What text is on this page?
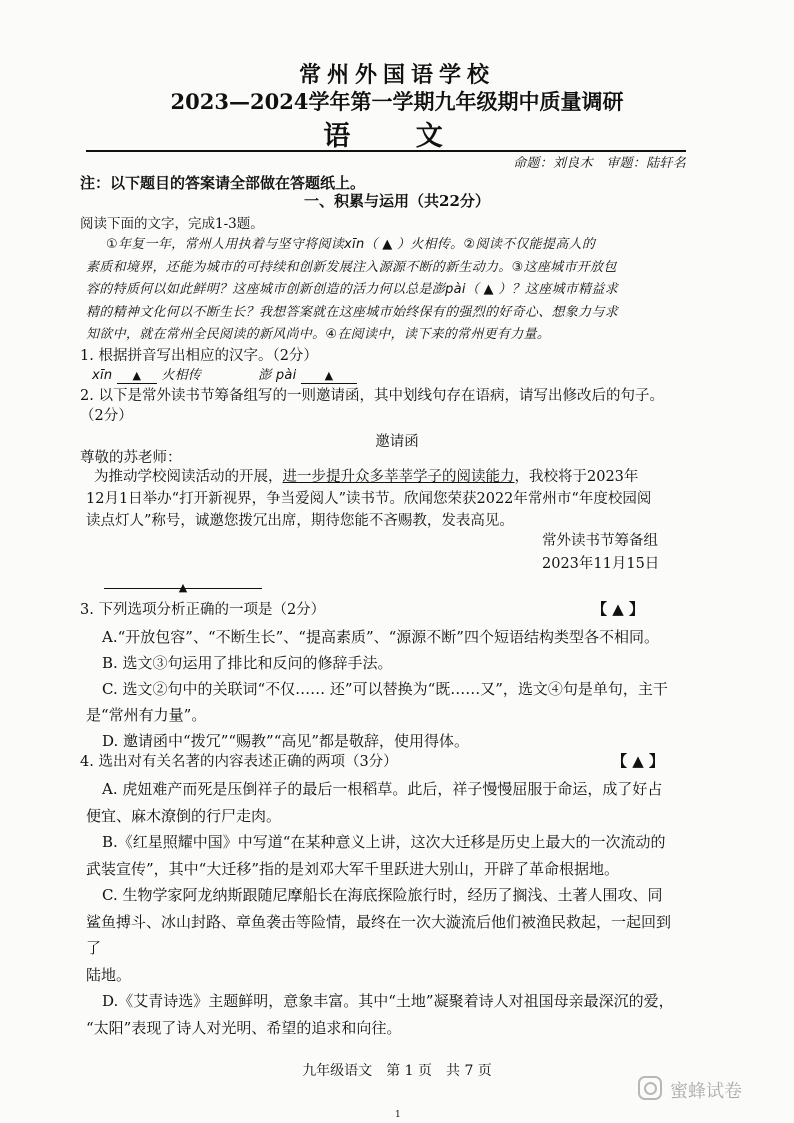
常州外国语学校
2023—2024学年第一学期九年级期中质量调研
语 文
命题：刘良木 审题：陆轩名
注：以下题目的答案请全部做在答题纸上。
一、积累与运用（共22分）
阅读下面的文字，完成1-3题。
①年复一年，常州人用执着与坚守将阅读xīn（ ▲ ）火相传。②阅读不仅能提高人的
素质和境界，还能为城市的可持续和创新发展注入源源不断的新生动力。③这座城市开放包
容的特质何以如此鲜明？这座城市创新创造的活力何以总是澎pài（ ▲ ）？这座城市精益求
精的精神文化何以不断生长？我想答案就在这座城市始终保有的强烈的好奇心、想象力与求
知欲中，就在常州全民阅读的新风尚中。④在阅读中，读下来的常州更有力量。
1. 根据拼音写出相应的汉字。（2分）
xīn ▲ 火相传	澎 pài	▲
2. 以下是常外读书节筹备组写的一则邀请函，其中划线句存在语病，请写出修改后的句子。
（2分）
邀请函
尊敬的苏老师：
为推动学校阅读活动的开展，进一步提升众多莘莘学子的阅读能力，我校将于2023年
12月1日举办“打开新视界，争当爱阅人”读书节。欣闻您荣获2022年常州市“年度校园阅
读点灯人”称号，诚邀您拨冗出席，期待您能不吝赐教，发表高见。
常外读书节筹备组
2023年11月15日
▲
3. 下列选项分析正确的一项是（2分）	【 ▲ 】
A.“开放包容”、“不断生长”、“提高素质”、“源源不断”四个短语结构类型各不相同。
B. 选文③句运用了排比和反问的修辞手法。
C. 选文②句中的关联词“不仅…… 还”可以替换为“既……又”，选文④句是单句，主干
是“常州有力量”。
D. 邀请函中“拨冗”“赐教”“高见”都是敬辞，使用得体。
4. 选出对有关名著的内容表述正确的两项（3分）	【 ▲ 】
A. 虎妞难产而死是压倒祥子的最后一根稻草。此后，祥子慢慢屈服于命运，成了好占
便宜、麻木潦倒的行尸走肉。
B.《红星照耀中国》中写道“在某种意义上讲，这次大迁移是历史上最大的一次流动的
武装宣传”，其中“大迁移”指的是刘邓大军千里跃进大别山，开辟了革命根据地。
C. 生物学家阿龙纳斯跟随尼摩船长在海底探险旅行时，经历了搁浅、土著人围攻、同
鲨鱼搏斗、冰山封路、章鱼袭击等险情，最终在一次大漩流后他们被渔民救起，一起回到了
陆地。
D.《艾青诗选》主题鲜明，意象丰富。其中“土地”凝聚着诗人对祖国母亲最深沉的爱，
“太阳”表现了诗人对光明、希望的追求和向往。
九年级语文　第 1 页　共 7 页
蜜蜂试卷
1
